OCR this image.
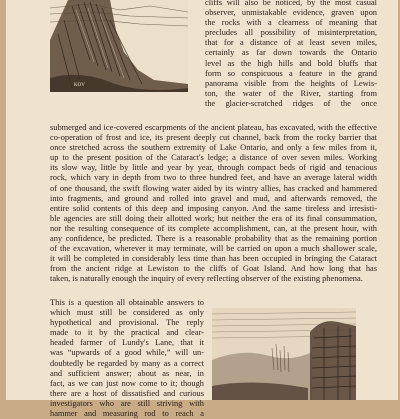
KOV
cliffs will also be noticed, by the most casual
observer, unmistakable evidence, graven upon
the rocks with a clearness of meaning that
precludes all possibility of misinterpretation,
that for a distance of at least seven miles,
certainly as far down towards the Ontario
level as the high hills and bold bluffs that
form so conspicuous a feature in the grand
panorama visible from the heights of Lewis-
ton, the water of the River, starting from
the glacier-scratched ridges of the once
submerged and ice-covered escarpments of the ancient plateau, has excavated, with the effective
co-operation of frost and ice, its present deeply cut channel, back from the rocky barrier that
once stretched across the southern extremity of Lake Ontario, and only a few miles from it,
up to the present position of the Cataract's ledge; a distance of over seven miles. Working
its slow way, little by little and year by year, through compact beds of rigid and tenacious
rock, which vary in depth from two to three hundred feet, and have an average lateral width
of one thousand, the swift flowing water aided by its wintry allies, has cracked and hammered
into fragments, and ground and rolled into gravel and mud, and afterwards removed, the
entire solid contents of this deep and imposing canyon. And the same tireless and irresisti-
ble agencies are still doing their allotted work; but neither the era of its final consummation,
nor the resulting consequence of its complete accomplishment, can, at the present hour, with
any confidence, be predicted. There is a reasonable probability that as the remaining portion
of the excavation, wherever it may terminate, will be carried on upon a much shallower scale,
it will be completed in considerably less time than has been occupied in bringing the Cataract
from the ancient ridge at Lewiston to the cliffs of Goat Island. And how long that has
taken, is naturally enough the inquiry of every reflecting observer of the existing phenomena.
This is a question all obtainable answers to
which must still be considered as only
hypothetical and provisional. The reply
made to it by the practical and clear-
headed farmer of Lundy's Lane, that it
was “upwards of a good while,” will un-
doubtedly be regarded by many as a correct
and sufficient answer; about as near, in
fact, as we can just now come to it; though
there are a host of dissatisfied and curious
investigators who are still striving with
hammer and measuring rod to reach a
